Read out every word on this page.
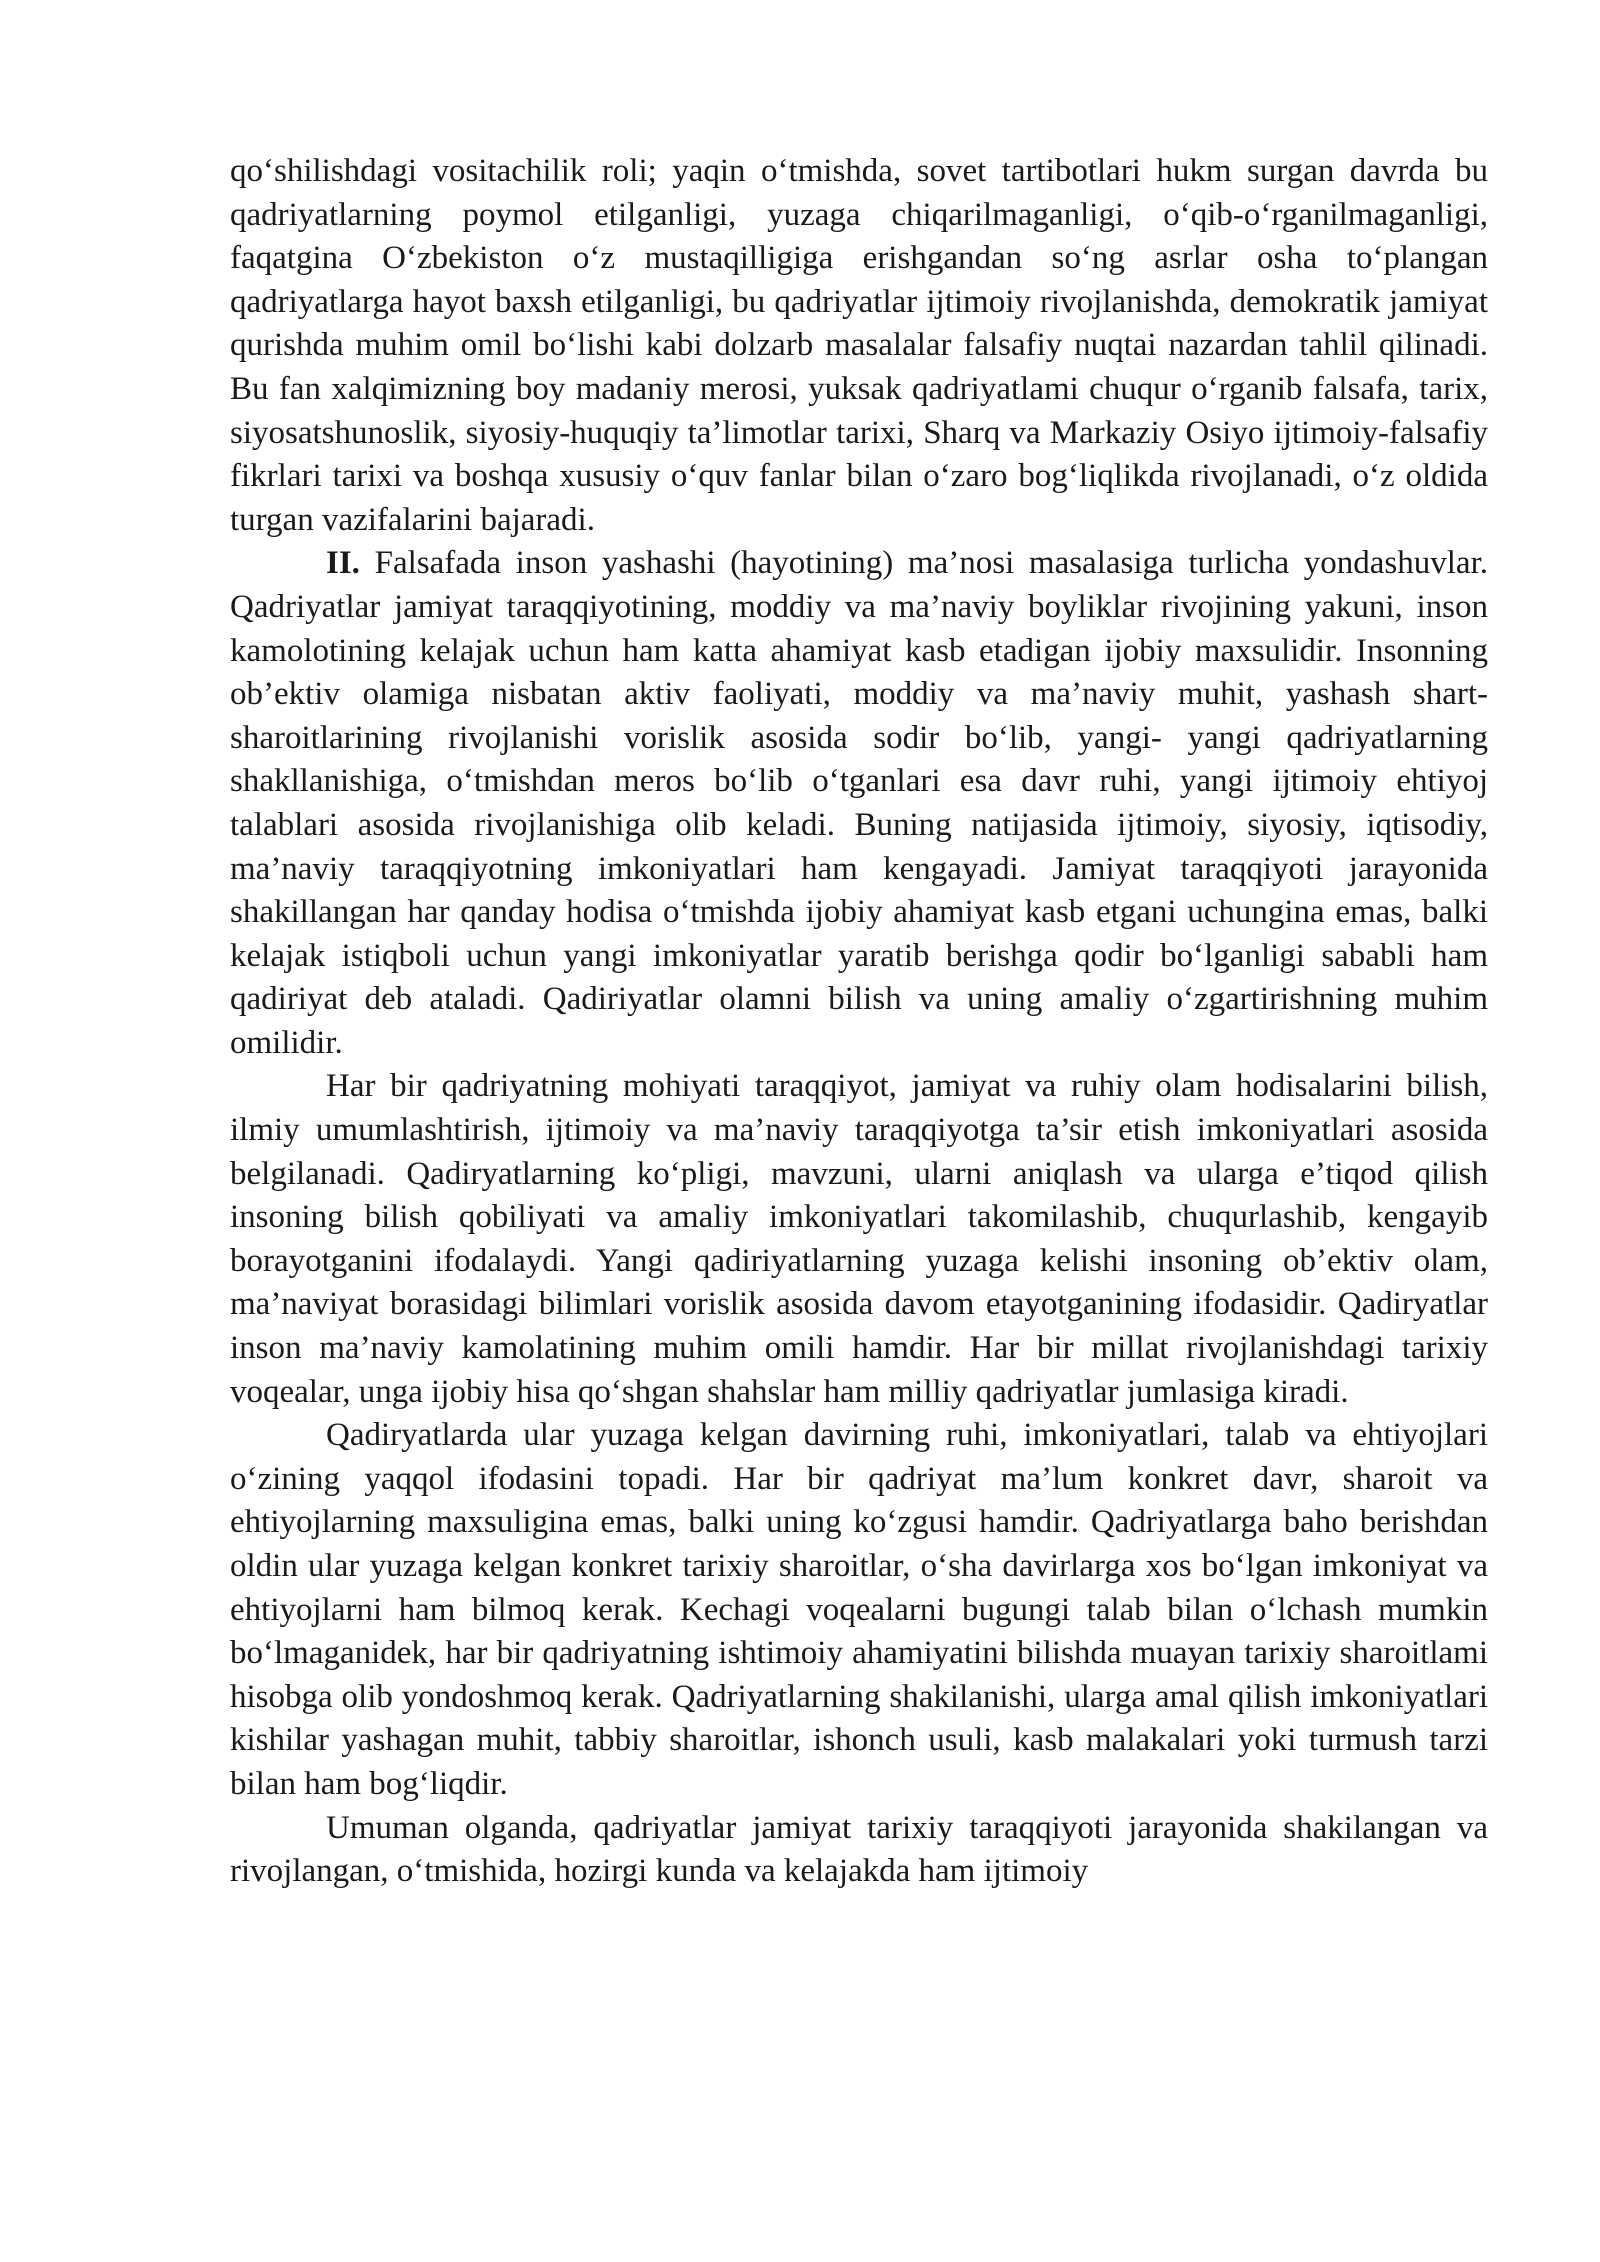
qo‘shilishdagi vositachilik roli; yaqin o‘tmishda, sovet tartibotlari hukm surgan davrda bu qadriyatlarning poymol etilganligi, yuzaga chiqarilmaganligi, o‘qib-o‘rganilmaganligi, faqatgina O‘zbekiston o‘z mustaqilligiga erishgandan so‘ng asrlar osha to‘plangan qadriyatlarga hayot baxsh etilganligi, bu qadriyatlar ijtimoiy rivojlanishda, demokratik jamiyat qurishda muhim omil bo‘lishi kabi dolzarb masalalar falsafiy nuqtai nazardan tahlil qilinadi. Bu fan xalqimizning boy madaniy merosi, yuksak qadriyatlami chuqur o‘rganib falsafa, tarix, siyosatshunoslik, siyosiy-huquqiy ta’limotlar tarixi, Sharq va Markaziy Osiyo ijtimoiy-falsafiy fikrlari tarixi va boshqa xususiy o‘quv fanlar bilan o‘zaro bog‘liqlikda rivojlanadi, o‘z oldida turgan vazifalarini bajaradi.

II. Falsafada inson yashashi (hayotining) ma’nosi masalasiga turlicha yondashuvlar. Qadriyatlar jamiyat taraqqiyotining, moddiy va ma’naviy boyliklar rivojining yakuni, inson kamolotining kelajak uchun ham katta ahamiyat kasb etadigan ijobiy maxsulidir. Insonning ob’ektiv olamiga nisbatan aktiv faoliyati, moddiy va ma’naviy muhit, yashash shart-sharoitlarining rivojlanishi vorislik asosida sodir bo‘lib, yangi- yangi qadriyatlarning shakllanishiga, o‘tmishdan meros bo‘lib o‘tganlari esa davr ruhi, yangi ijtimoiy ehtiyoj talablari asosida rivojlanishiga olib keladi. Buning natijasida ijtimoiy, siyosiy, iqtisodiy, ma’naviy taraqqiyotning imkoniyatlari ham kengayadi. Jamiyat taraqqiyoti jarayonida shakillangan har qanday hodisa o‘tmishda ijobiy ahamiyat kasb etgani uchungina emas, balki kelajak istiqboli uchun yangi imkoniyatlar yaratib berishga qodir bo‘lganligi sababli ham qadiriyat deb ataladi. Qadiriyatlar olamni bilish va uning amaliy o‘zgartirishning muhim omilidir.

Har bir qadriyatning mohiyati taraqqiyot, jamiyat va ruhiy olam hodisalarini bilish, ilmiy umumlashtirish, ijtimoiy va ma’naviy taraqqiyotga ta’sir etish imkoniyatlari asosida belgilanadi. Qadiryatlarning ko‘pligi, mavzuni, ularni aniqlash va ularga e’tiqod qilish insoning bilish qobiliyati va amaliy imkoniyatlari takomilashib, chuqurlashib, kengayib borayotganini ifodalaydi. Yangi qadiriyatlarning yuzaga kelishi insoning ob’ektiv olam, ma’naviyat borasidagi bilimlari vorislik asosida davom etayotganining ifodasidir. Qadiryatlar inson ma’naviy kamolatining muhim omili hamdir. Har bir millat rivojlanishdagi tarixiy voqealar, unga ijobiy hisa qo‘shgan shahslar ham milliy qadriyatlar jumlasiga kiradi.

Qadiryatlarda ular yuzaga kelgan davirning ruhi, imkoniyatlari, talab va ehtiyojlari o‘zining yaqqol ifodasini topadi. Har bir qadriyat ma’lum konkret davr, sharoit va ehtiyojlarning maxsuligina emas, balki uning ko‘zgusi hamdir. Qadriyatlarga baho berishdan oldin ular yuzaga kelgan konkret tarixiy sharoitlar, o‘sha davirlarga xos bo‘lgan imkoniyat va ehtiyojlarni ham bilmoq kerak. Kechagi voqealarni bugungi talab bilan o‘lchash mumkin bo‘lmaganidek, har bir qadriyatning ishtimoiy ahamiyatini bilishda muayan tarixiy sharoitlami hisobga olib yondoshmoq kerak. Qadriyatlarning shakilanishi, ularga amal qilish imkoniyatlari kishilar yashagan muhit, tabbiy sharoitlar, ishonch usuli, kasb malakalari yoki turmush tarzi bilan ham bog‘liqdir.

Umuman olganda, qadriyatlar jamiyat tarixiy taraqqiyoti jarayonida shakilangan va rivojlangan, o‘tmishida, hozirgi kunda va kelajakda ham ijtimoiy
